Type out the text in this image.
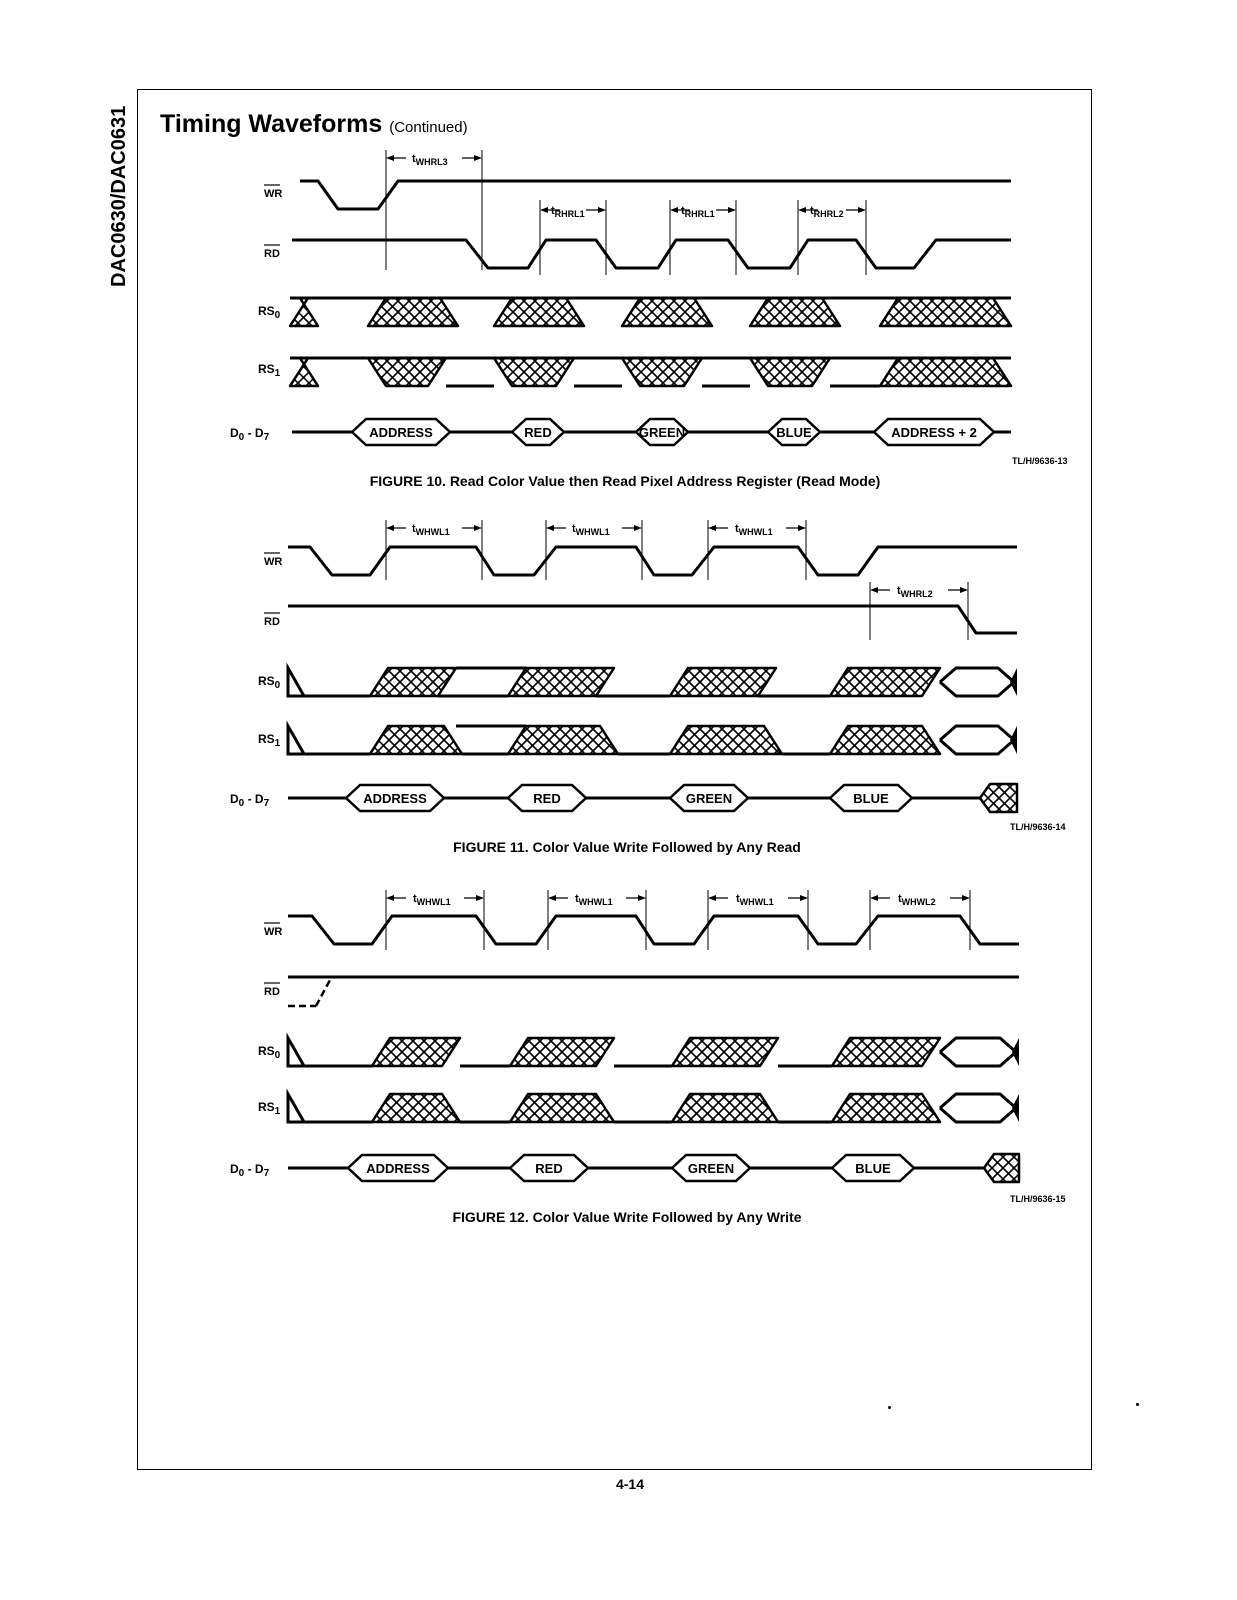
DAC0630/DAC0631 Timing Waveforms (Continued)
WR
RD
$RS_0$
$RS_1$
$D_0 - D_7$	ADDRESS	RED	GREEN	BLUE	ADDRESS + 2
$t_{WHRL3}$
$t_{RHRL1}$	$t_{RHRL1}$	$t_{RHRL2}$
TL/H/9636-13
FIGURE 10. Read Color Value then Read Pixel Address Register (Read Mode)
WR
RD
$RS_0$
$RS_1$
$D_0 - D_7$	ADDRESS	RED	GREEN	BLUE
$t_{WHWL1}$	$t_{WHWL1}$	$t_{WHWL1}$
$t_{WHRL2}$
TL/H/9636-14
FIGURE 11. Color Value Write Followed by Any Read
WR
RD
$RS_0$
$RS_1$
$D_0 - D_7$	ADDRESS	RED	GREEN	BLUE
$t_{WHWL1}$	$t_{WHWL1}$	$t_{WHWL1}$	$t_{WHWL2}$
TL/H/9636-15
FIGURE 12. Color Value Write Followed by Any Write
4-14
